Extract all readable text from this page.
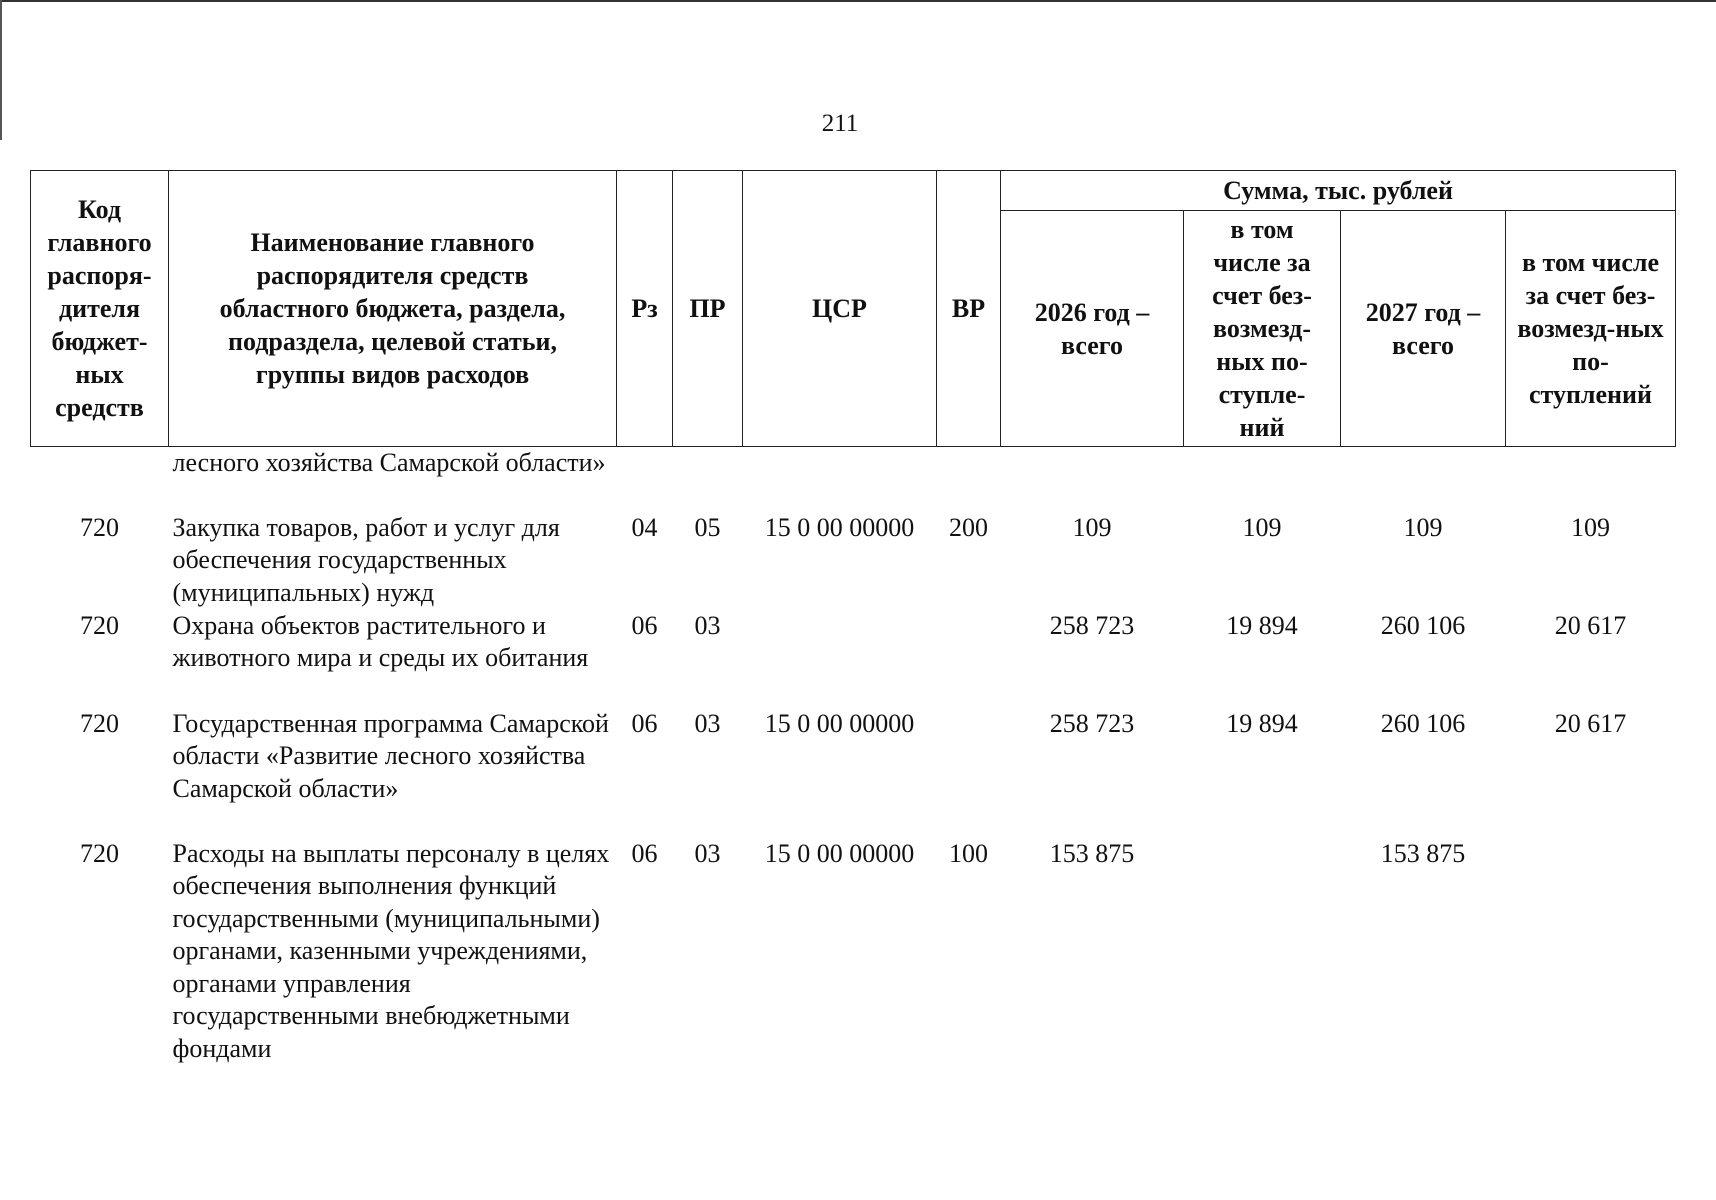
211
Код главного распоря-дителя бюджет-ных средств	Наименование главного распорядителя средств областного бюджета, раздела, подраздела, целевой статьи, группы видов расходов	Рз	ПР	ЦСР	ВР	Сумма, тыс. рублей			
						2026 год – всего	в том числе за счет без-возмезд-ных по-ступле-ний	2027 год – всего	в том числе за счет без-возмезд-ных по-ступлений
	лесного хозяйства Самарской области»								
720	Закупка товаров, работ и услуг для обеспечения государственных (муниципальных) нужд	04	05	15 0 00 00000	200	109	109	109	109
720	Охрана объектов растительного и животного мира и среды их обитания	06	03			258 723	19 894	260 106	20 617
720	Государственная программа Самарской области «Развитие лесного хозяйства Самарской области»	06	03	15 0 00 00000		258 723	19 894	260 106	20 617
720	Расходы на выплаты персоналу в целях обеспечения выполнения функций государственными (муниципальными) органами, казенными учреждениями, органами управления государственными внебюджетными фондами	06	03	15 0 00 00000	100	153 875		153 875	
